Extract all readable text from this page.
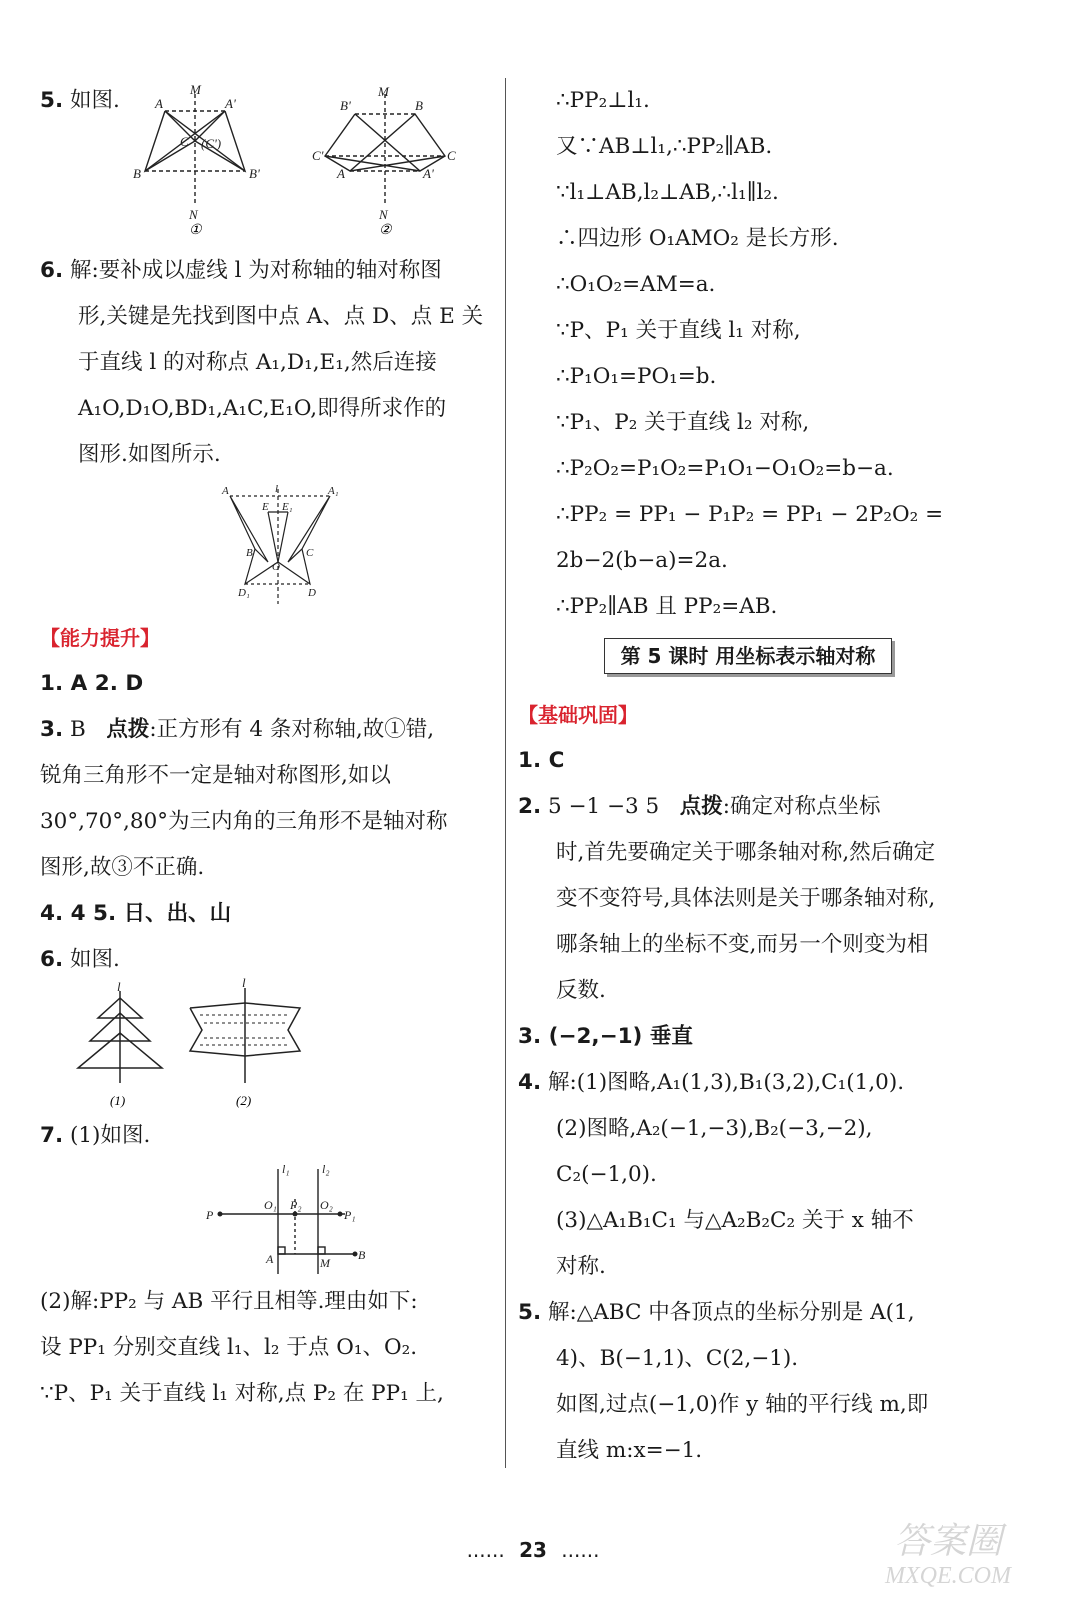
5. 如图.	M
A	A'
C (C')
B	B'
N
M
B'	B
C'	C
A	A'
N
①	②
6. 解:要补成以虚线 l 为对称轴的轴对称图
形,关键是先找到图中点 A、点 D、点 E 关
于直线 l 的对称点 A₁,D₁,E₁,然后连接
A₁O,D₁O,BD₁,A₁C,E₁O,即得所求作的
图形.如图所示.
A	l	A₁
E E₁
B	C
O
D₁	D
【能力提升】
1. A 2. D
3. B 点拨:正方形有 4 条对称轴,故①错,
锐角三角形不一定是轴对称图形,如以
30°,70°,80°为三内角的三角形不是轴对称
图形,故③不正确.
4. 4 5. 日、出、山
6. 如图.
l	l
(1)	(2)
7. (1)如图.
l₁	l₂
P
O₁ P₂ O₂
P₁
A	M
B
(2)解:PP₂ 与 AB 平行且相等.理由如下:
设 PP₁ 分别交直线 l₁、l₂ 于点 O₁、O₂.
∵P、P₁ 关于直线 l₁ 对称,点 P₂ 在 PP₁ 上,
∴PP₂⊥l₁.
又∵AB⊥l₁,∴PP₂∥AB.
∵l₁⊥AB,l₂⊥AB,∴l₁∥l₂.
∴四边形 O₁AMO₂ 是长方形.
∴O₁O₂=AM=a.
∵P、P₁ 关于直线 l₁ 对称,
∴P₁O₁=PO₁=b.
∵P₁、P₂ 关于直线 l₂ 对称,
∴P₂O₂=P₁O₂=P₁O₁−O₁O₂=b−a.
∴PP₂ = PP₁ − P₁P₂ = PP₁ − 2P₂O₂ =
2b−2(b−a)=2a.
∴PP₂∥AB 且 PP₂=AB.
第 5 课时 用坐标表示轴对称
【基础巩固】
1. C
2. 5 −1 −3 5 点拨:确定对称点坐标
时,首先要确定关于哪条轴对称,然后确定
变不变符号,具体法则是关于哪条轴对称,
哪条轴上的坐标不变,而另一个则变为相
反数.
3. (−2,−1) 垂直
4. 解:(1)图略,A₁(1,3),B₁(3,2),C₁(1,0).
(2)图略,A₂(−1,−3),B₂(−3,−2),
C₂(−1,0).
(3)△A₁B₁C₁ 与△A₂B₂C₂ 关于 x 轴不
对称.
5. 解:△ABC 中各顶点的坐标分别是 A(1,
4)、B(−1,1)、C(2,−1).
如图,过点(−1,0)作 y 轴的平行线 m,即
直线 m:x=−1.
...... 23 ......	答案圈
MXQE.COM
